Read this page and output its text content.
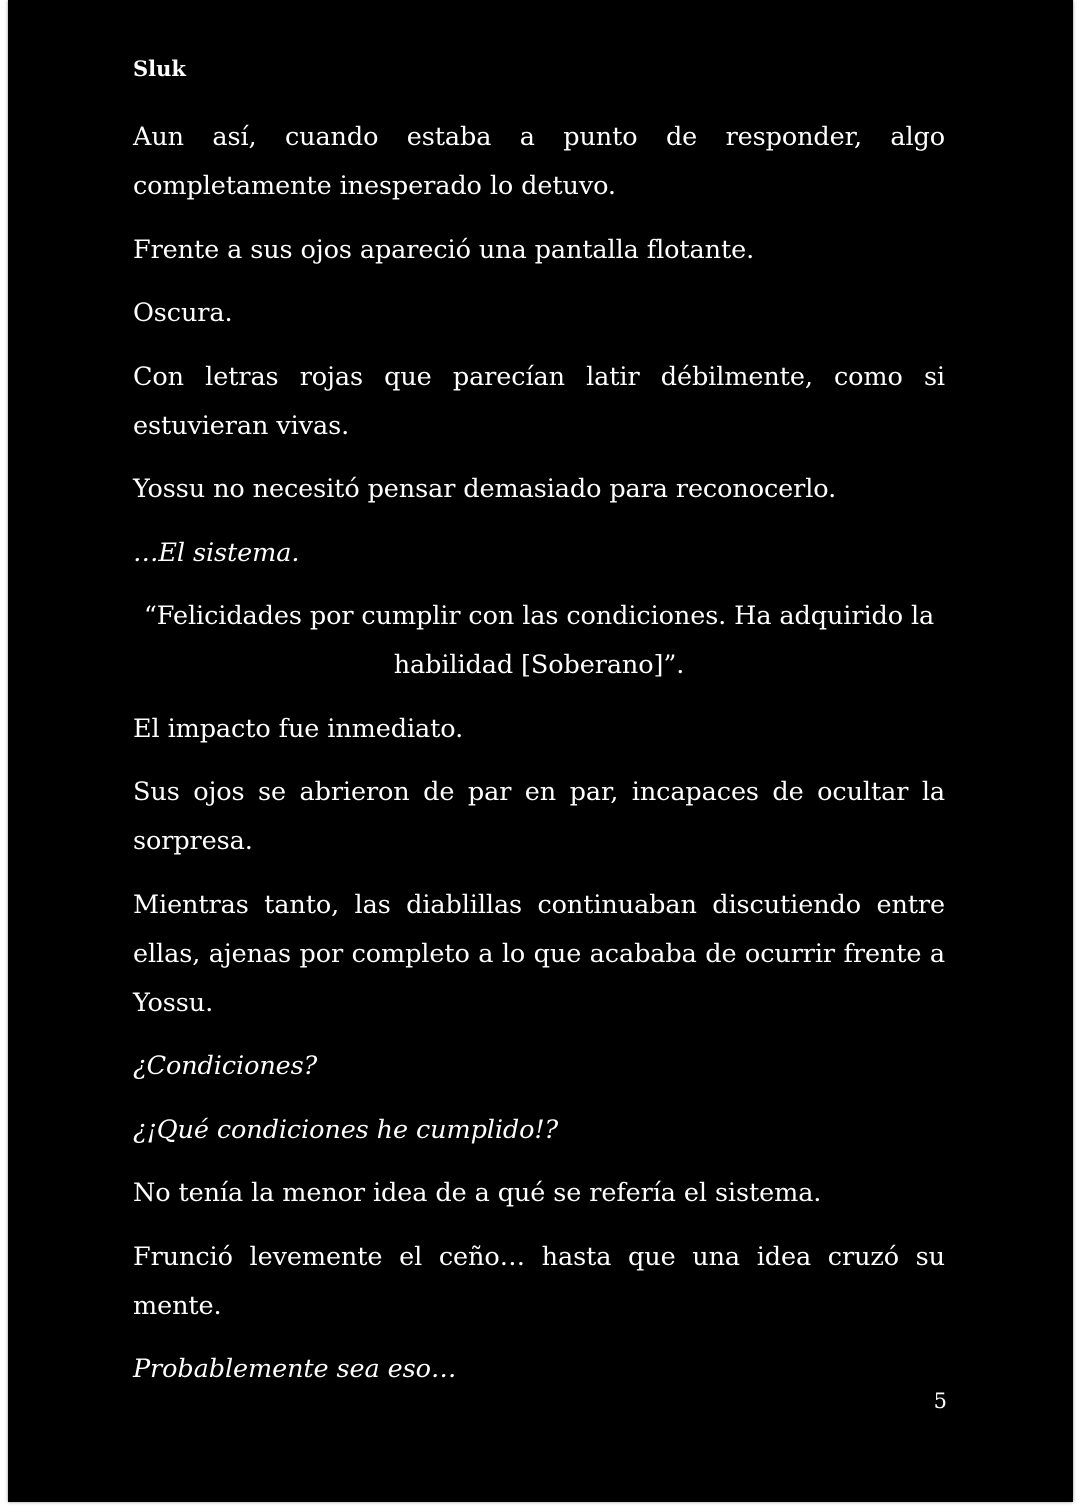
Sluk

Aun así, cuando estaba a punto de responder, algo completamente inesperado lo detuvo.

Frente a sus ojos apareció una pantalla flotante.

Oscura.

Con letras rojas que parecían latir débilmente, como si estuvieran vivas.

Yossu no necesitó pensar demasiado para reconocerlo.

…El sistema.

“Felicidades por cumplir con las condiciones. Ha adquirido la habilidad [Soberano]”.

El impacto fue inmediato.

Sus ojos se abrieron de par en par, incapaces de ocultar la sorpresa.

Mientras tanto, las diablillas continuaban discutiendo entre ellas, ajenas por completo a lo que acababa de ocurrir frente a Yossu.

¿Condiciones?

¿¡Qué condiciones he cumplido!?

No tenía la menor idea de a qué se refería el sistema.

Frunció levemente el ceño… hasta que una idea cruzó su mente.

Probablemente sea eso…

5
